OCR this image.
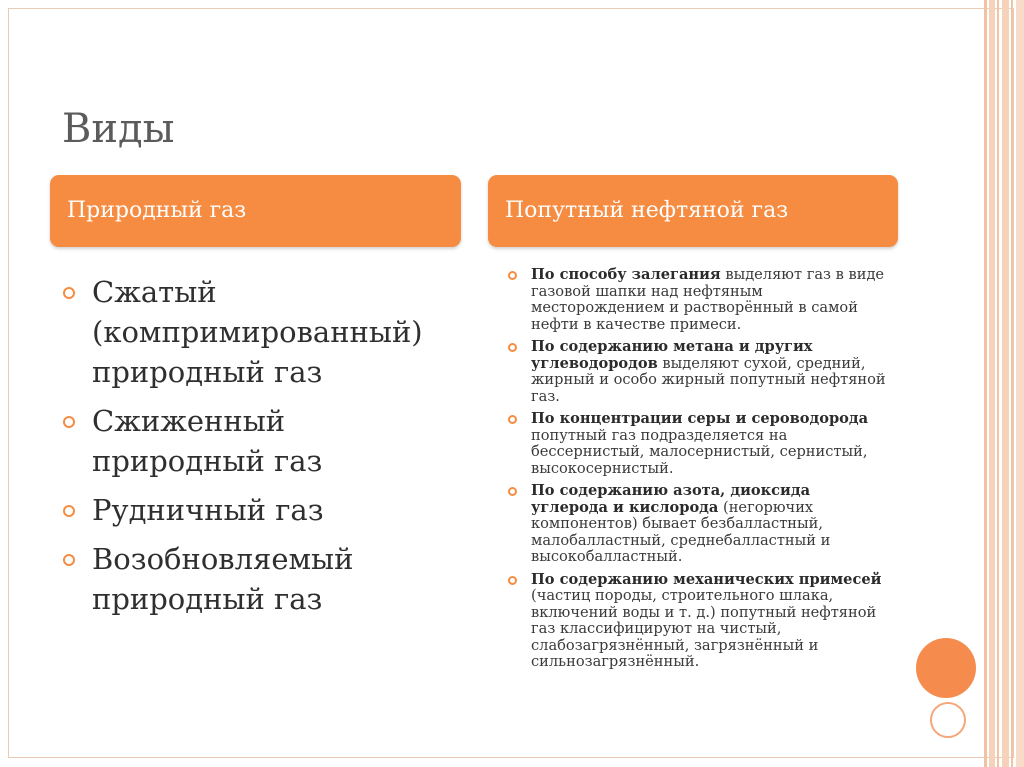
Виды
Природный газ	Попутный нефтяной газ
Сжатый (компримированный) природный газ
Сжиженный природный газ
Рудничный газ
Возобновляемый природный газ
По способу залегания выделяют газ в виде газовой шапки над нефтяным месторождением и растворённый в самой нефти в качестве примеси.
По содержанию метана и других углеводородов выделяют сухой, средний, жирный и особо жирный попутный нефтяной газ.
По концентрации серы и сероводорода попутный газ подразделяется на бессернистый, малосернистый, сернистый, высокосернистый.
По содержанию азота, диоксида углерода и кислорода (негорючих компонентов) бывает безбалластный, малобалластный, среднебалластный и высокобалластный.
По содержанию механических примесей (частиц породы, строительного шлака, включений воды и т. д.) попутный нефтяной газ классифицируют на чистый, слабозагрязнённый, загрязнённый и сильнозагрязнённый.
